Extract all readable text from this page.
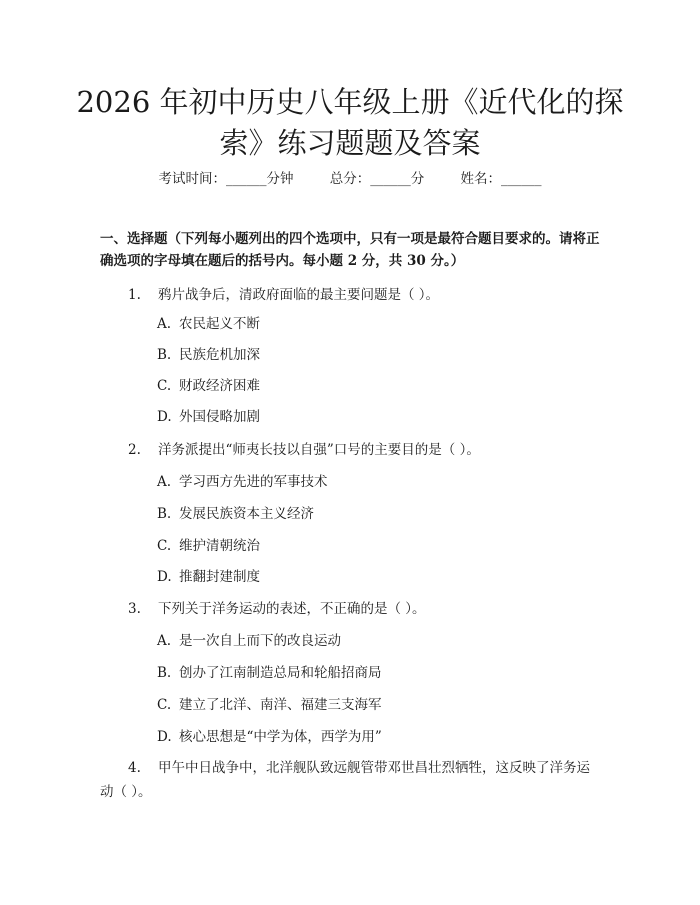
2026 年初中历史八年级上册《近代化的探
索》练习题题及答案
考试时间：______分钟	总分：______分	姓名：______

一、选择题（下列每小题列出的四个选项中，只有一项是最符合题目要求的。请将正确选项的字母填在题后的括号内。每小题 2 分，共 30 分。）

1. 鸦片战争后，清政府面临的最主要问题是（ ）。
A. 农民起义不断
B. 民族危机加深
C. 财政经济困难
D. 外国侵略加剧
2. 洋务派提出“师夷长技以自强”口号的主要目的是（ ）。
A. 学习西方先进的军事技术
B. 发展民族资本主义经济
C. 维护清朝统治
D. 推翻封建制度
3. 下列关于洋务运动的表述，不正确的是（ ）。
A. 是一次自上而下的改良运动
B. 创办了江南制造总局和轮船招商局
C. 建立了北洋、南洋、福建三支海军
D. 核心思想是“中学为体，西学为用”

4. 甲午中日战争中，北洋舰队致远舰管带邓世昌壮烈牺牲，这反映了洋务运动（ ）。
